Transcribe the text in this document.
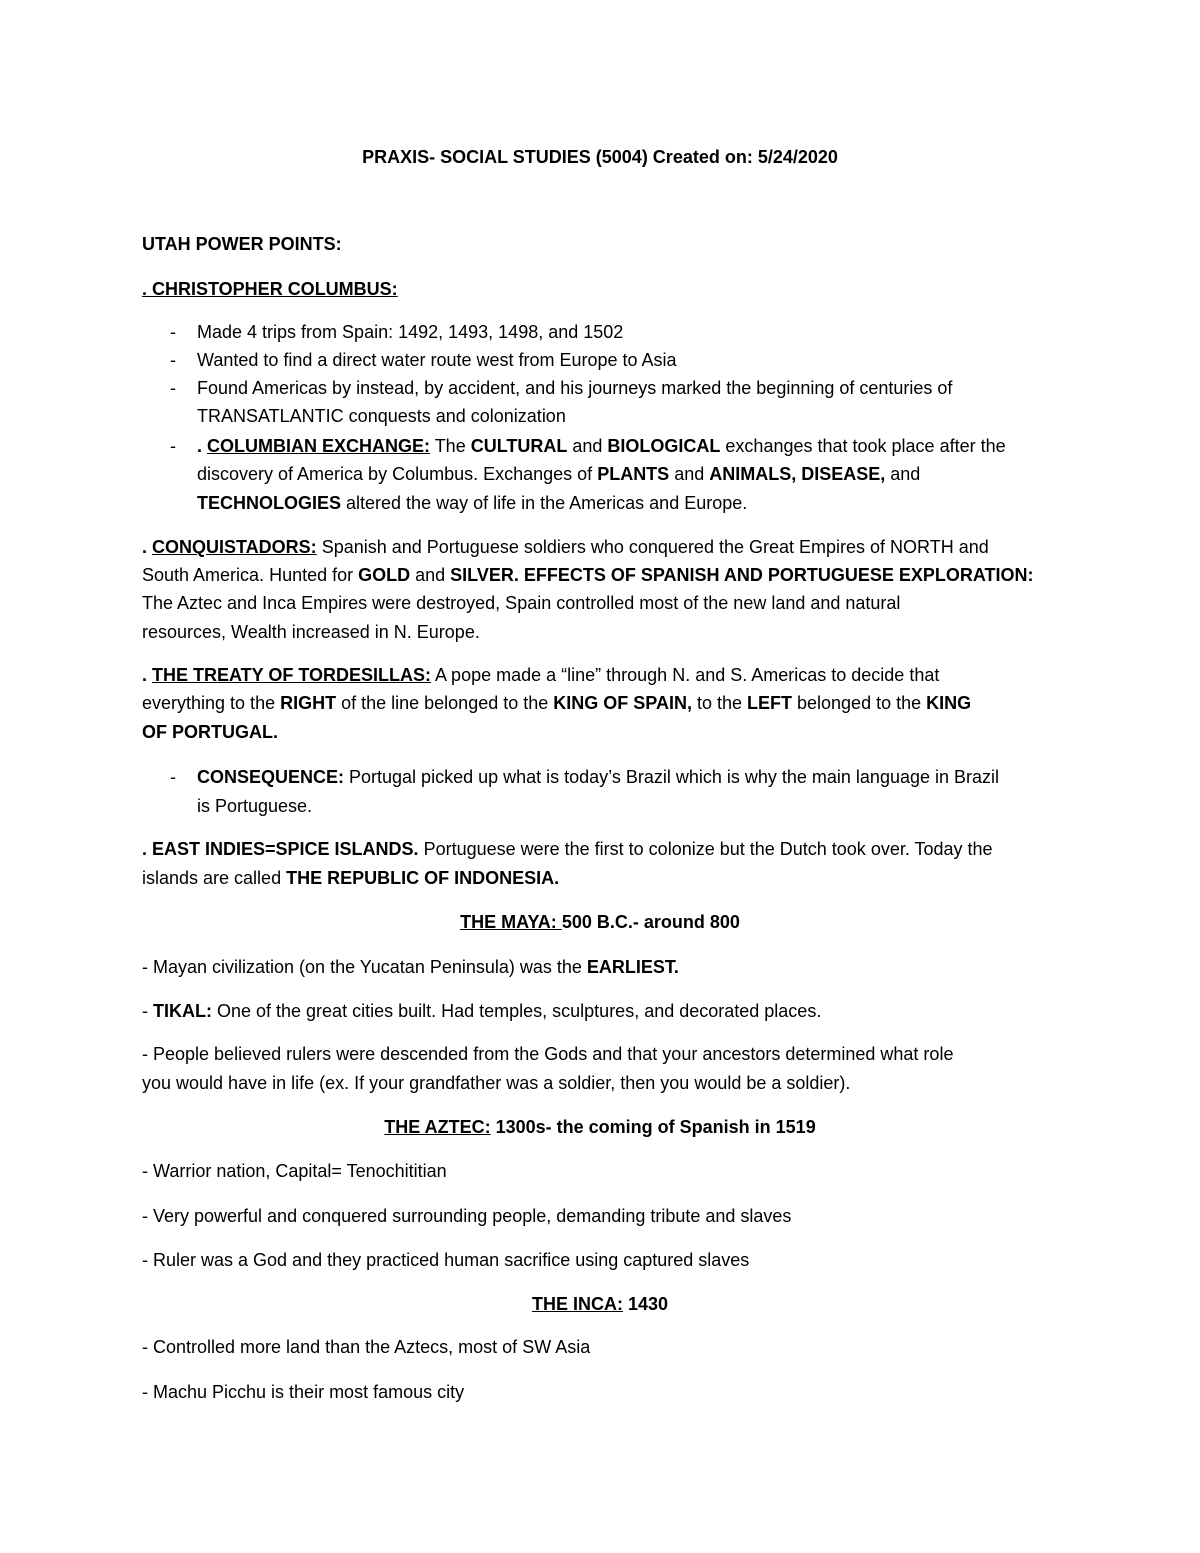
PRAXIS- SOCIAL STUDIES (5004) Created on: 5/24/2020
UTAH POWER POINTS:
. CHRISTOPHER COLUMBUS:
- Made 4 trips from Spain: 1492, 1493, 1498, and 1502
- Wanted to find a direct water route west from Europe to Asia
- Found Americas by instead, by accident, and his journeys marked the beginning of centuries of
TRANSATLANTIC conquests and colonization
- . COLUMBIAN EXCHANGE: The CULTURAL and BIOLOGICAL exchanges that took place after the
discovery of America by Columbus. Exchanges of PLANTS and ANIMALS, DISEASE, and
TECHNOLOGIES altered the way of life in the Americas and Europe.
. CONQUISTADORS: Spanish and Portuguese soldiers who conquered the Great Empires of NORTH and
South America. Hunted for GOLD and SILVER. EFFECTS OF SPANISH AND PORTUGUESE EXPLORATION:
The Aztec and Inca Empires were destroyed, Spain controlled most of the new land and natural
resources, Wealth increased in N. Europe.
. THE TREATY OF TORDESILLAS: A pope made a “line” through N. and S. Americas to decide that
everything to the RIGHT of the line belonged to the KING OF SPAIN, to the LEFT belonged to the KING
OF PORTUGAL.
- CONSEQUENCE: Portugal picked up what is today’s Brazil which is why the main language in Brazil
is Portuguese.
. EAST INDIES=SPICE ISLANDS. Portuguese were the first to colonize but the Dutch took over. Today the
islands are called THE REPUBLIC OF INDONESIA.
THE MAYA: 500 B.C.- around 800
- Mayan civilization (on the Yucatan Peninsula) was the EARLIEST.
- TIKAL: One of the great cities built. Had temples, sculptures, and decorated places.
- People believed rulers were descended from the Gods and that your ancestors determined what role
you would have in life (ex. If your grandfather was a soldier, then you would be a soldier).
THE AZTEC: 1300s- the coming of Spanish in 1519
- Warrior nation, Capital= Tenochititian
- Very powerful and conquered surrounding people, demanding tribute and slaves
- Ruler was a God and they practiced human sacrifice using captured slaves
THE INCA: 1430
- Controlled more land than the Aztecs, most of SW Asia
- Machu Picchu is their most famous city
